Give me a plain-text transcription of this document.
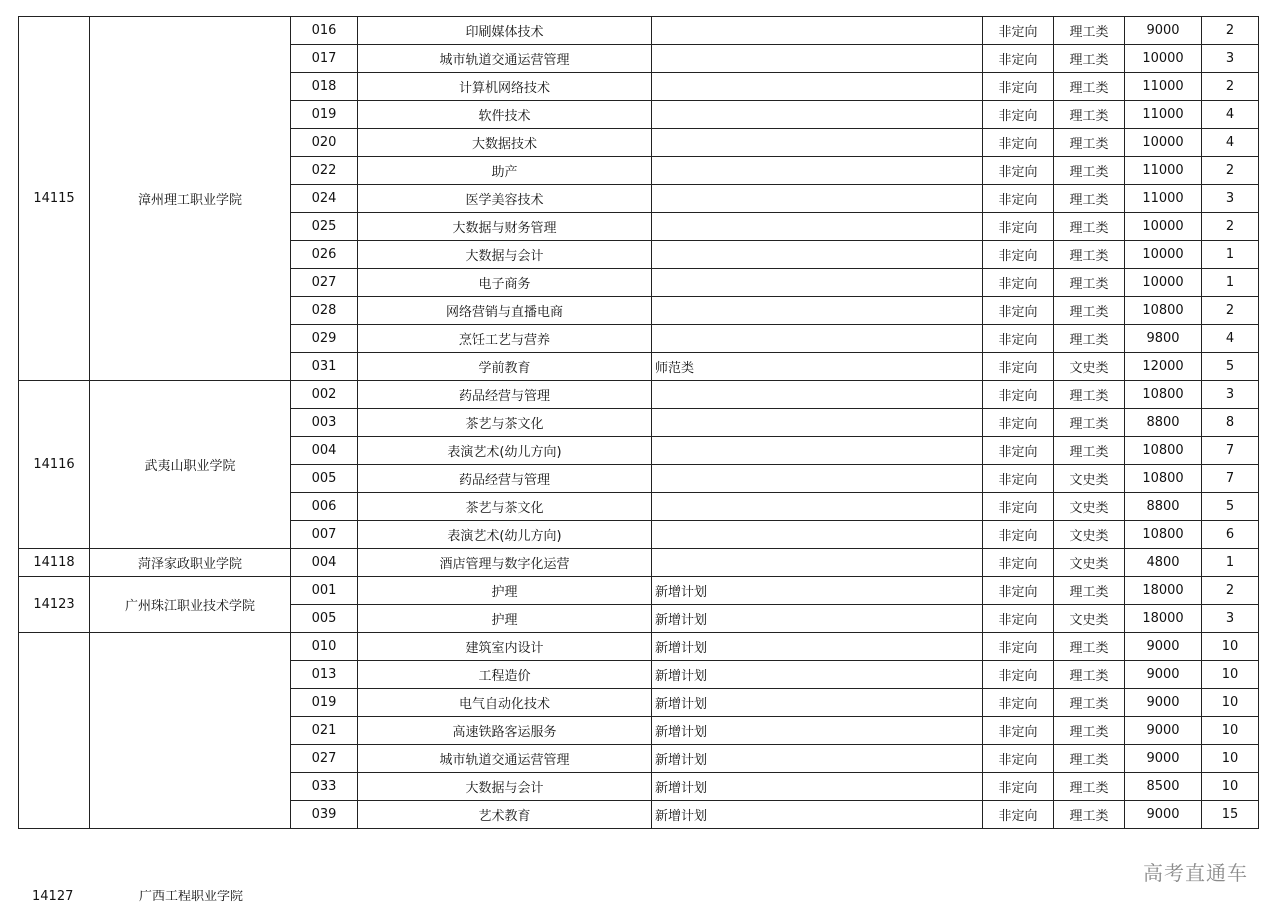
14115	漳州理工职业学院	016	印刷媒体技术		非定向	理工类	9000	2
		017	城市轨道交通运营管理		非定向	理工类	10000	3
		018	计算机网络技术		非定向	理工类	11000	2
		019	软件技术		非定向	理工类	11000	4
		020	大数据技术		非定向	理工类	10000	4
		022	助产		非定向	理工类	11000	2
		024	医学美容技术		非定向	理工类	11000	3
		025	大数据与财务管理		非定向	理工类	10000	2
		026	大数据与会计		非定向	理工类	10000	1
		027	电子商务		非定向	理工类	10000	1
		028	网络营销与直播电商		非定向	理工类	10800	2
		029	烹饪工艺与营养		非定向	理工类	9800	4
		031	学前教育	师范类	非定向	文史类	12000	5
14116	武夷山职业学院	002	药品经营与管理		非定向	理工类	10800	3
		003	茶艺与茶文化		非定向	理工类	8800	8
		004	表演艺术(幼儿方向)		非定向	理工类	10800	7
		005	药品经营与管理		非定向	文史类	10800	7
		006	茶艺与茶文化		非定向	文史类	8800	5
		007	表演艺术(幼儿方向)		非定向	文史类	10800	6
14118	菏泽家政职业学院	004	酒店管理与数字化运营		非定向	文史类	4800	1
14123	广州珠江职业技术学院	001	护理	新增计划	非定向	理工类	18000	2
		005	护理	新增计划	非定向	文史类	18000	3
		010	建筑室内设计	新增计划	非定向	理工类	9000	10
		013	工程造价	新增计划	非定向	理工类	9000	10
		019	电气自动化技术	新增计划	非定向	理工类	9000	10
		021	高速铁路客运服务	新增计划	非定向	理工类	9000	10
		027	城市轨道交通运营管理	新增计划	非定向	理工类	9000	10
		033	大数据与会计	新增计划	非定向	理工类	8500	10
		039	艺术教育	新增计划	非定向	理工类	9000	15
14127	广西工程职业学院
高考直通车
